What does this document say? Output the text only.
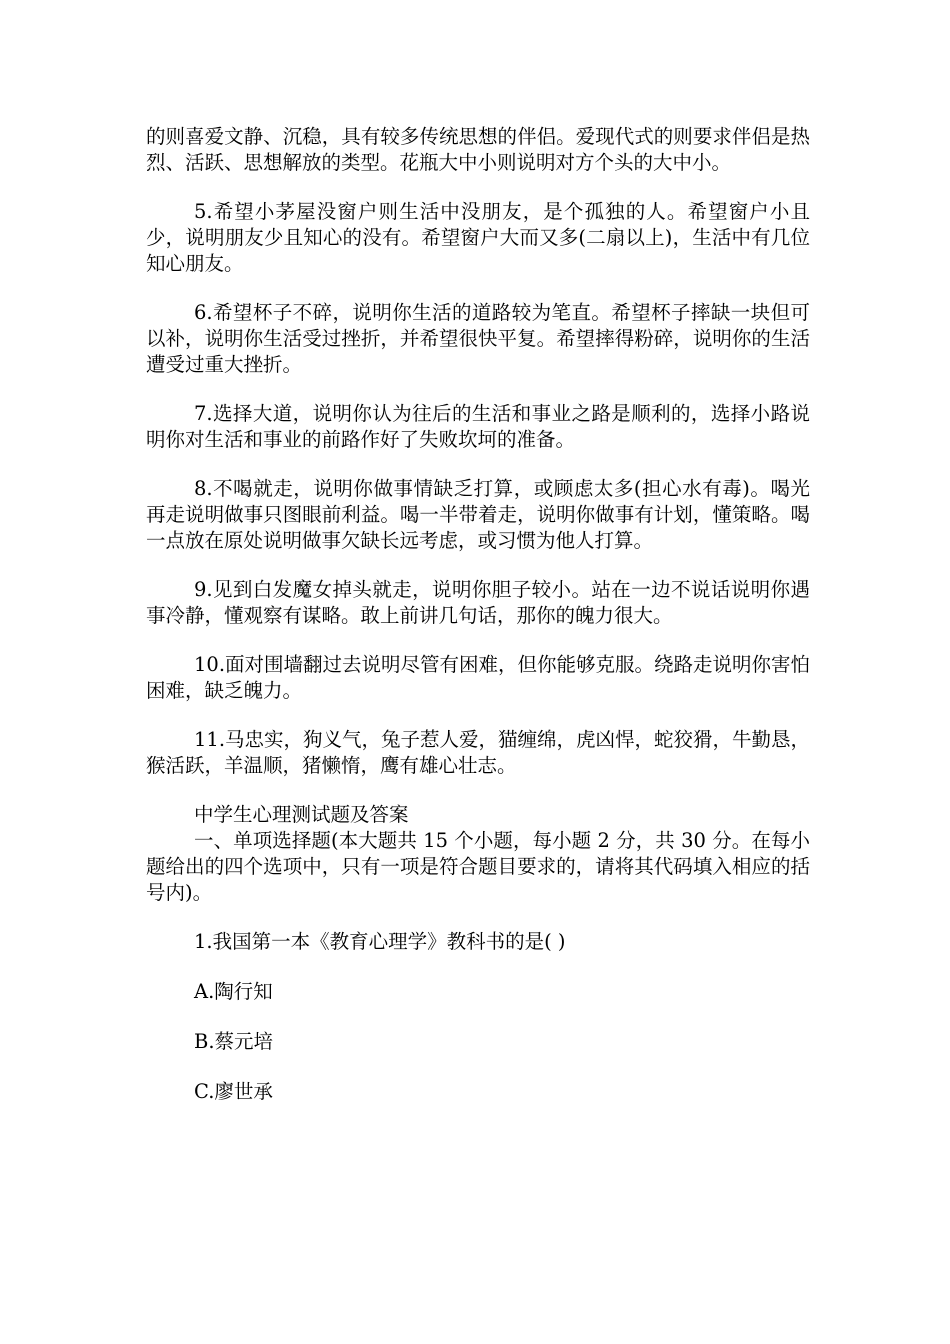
的则喜爱文静、沉稳，具有较多传统思想的伴侣。爱现代式的则要求伴侣是热烈、活跃、思想解放的类型。花瓶大中小则说明对方个头的大中小。

5.希望小茅屋没窗户则生活中没朋友，是个孤独的人。希望窗户小且少，说明朋友少且知心的没有。希望窗户大而又多(二扇以上)，生活中有几位知心朋友。

6.希望杯子不碎，说明你生活的道路较为笔直。希望杯子摔缺一块但可以补，说明你生活受过挫折，并希望很快平复。希望摔得粉碎，说明你的生活遭受过重大挫折。

7.选择大道，说明你认为往后的生活和事业之路是顺利的，选择小路说明你对生活和事业的前路作好了失败坎坷的准备。

8.不喝就走，说明你做事情缺乏打算，或顾虑太多(担心水有毒)。喝光再走说明做事只图眼前利益。喝一半带着走，说明你做事有计划，懂策略。喝一点放在原处说明做事欠缺长远考虑，或习惯为他人打算。

9.见到白发魔女掉头就走，说明你胆子较小。站在一边不说话说明你遇事冷静，懂观察有谋略。敢上前讲几句话，那你的魄力很大。

10.面对围墙翻过去说明尽管有困难，但你能够克服。绕路走说明你害怕困难，缺乏魄力。

11.马忠实，狗义气，兔子惹人爱，猫缠绵，虎凶悍，蛇狡猾，牛勤恳，猴活跃，羊温顺，猪懒惰，鹰有雄心壮志。

中学生心理测试题及答案
一、单项选择题(本大题共 15 个小题，每小题 2 分，共 30 分。在每小题给出的四个选项中，只有一项是符合题目要求的，请将其代码填入相应的括号内)。
1.我国第一本《教育心理学》教科书的是( )
A.陶行知
B.蔡元培
C.廖世承
